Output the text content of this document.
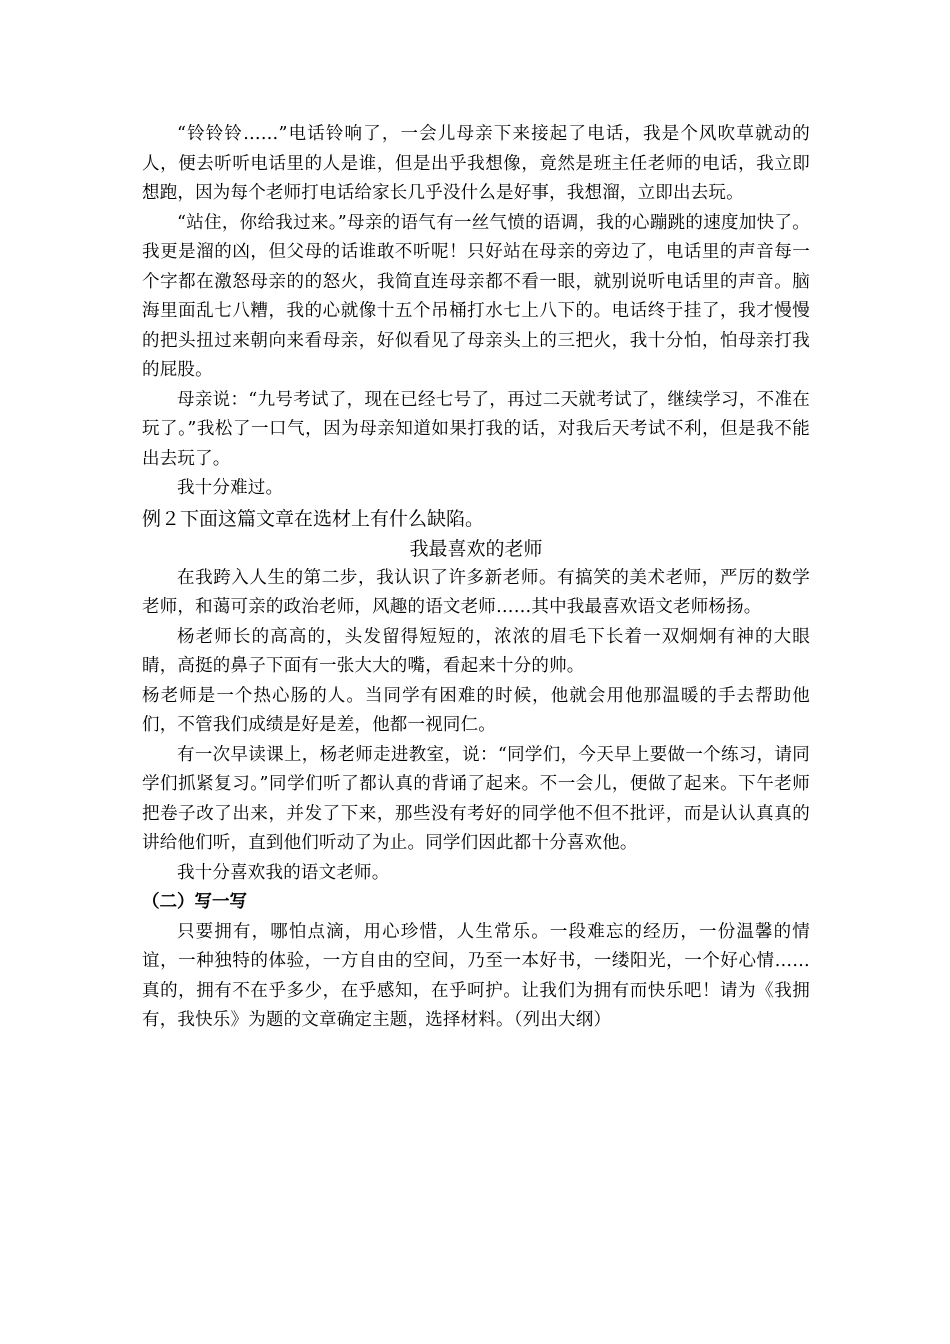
“铃铃铃……”电话铃响了，一会儿母亲下来接起了电话，我是个风吹草就动的人，便去听听电话里的人是谁，但是出乎我想像，竟然是班主任老师的电话，我立即想跑，因为每个老师打电话给家长几乎没什么是好事，我想溜，立即出去玩。

“站住，你给我过来。”母亲的语气有一丝气愤的语调，我的心蹦跳的速度加快了。我更是溜的凶，但父母的话谁敢不听呢！只好站在母亲的旁边了，电话里的声音每一个字都在激怒母亲的的怒火，我简直连母亲都不看一眼，就别说听电话里的声音。脑海里面乱七八糟，我的心就像十五个吊桶打水七上八下的。电话终于挂了，我才慢慢的把头扭过来朝向来看母亲，好似看见了母亲头上的三把火，我十分怕，怕母亲打我的屁股。

母亲说：“九号考试了，现在已经七号了，再过二天就考试了，继续学习，不准在玩了。”我松了一口气，因为母亲知道如果打我的话，对我后天考试不利，但是我不能出去玩了。

我十分难过。

例２下面这篇文章在选材上有什么缺陷。
我最喜欢的老师

在我跨入人生的第二步，我认识了许多新老师。有搞笑的美术老师，严厉的数学老师，和蔼可亲的政治老师，风趣的语文老师……其中我最喜欢语文老师杨扬。

杨老师长的高高的，头发留得短短的，浓浓的眉毛下长着一双炯炯有神的大眼睛，高挺的鼻子下面有一张大大的嘴，看起来十分的帅。

杨老师是一个热心肠的人。当同学有困难的时候，他就会用他那温暖的手去帮助他们，不管我们成绩是好是差，他都一视同仁。

有一次早读课上，杨老师走进教室，说：“同学们，今天早上要做一个练习，请同学们抓紧复习。”同学们听了都认真的背诵了起来。不一会儿，便做了起来。下午老师把卷子改了出来，并发了下来，那些没有考好的同学他不但不批评，而是认认真真的讲给他们听，直到他们听动了为止。同学们因此都十分喜欢他。

我十分喜欢我的语文老师。

（二）写一写

只要拥有，哪怕点滴，用心珍惜，人生常乐。一段难忘的经历，一份温馨的情谊，一种独特的体验，一方自由的空间，乃至一本好书，一缕阳光，一个好心情……真的，拥有不在乎多少，在乎感知，在乎呵护。让我们为拥有而快乐吧！请为《我拥有，我快乐》为题的文章确定主题，选择材料。（列出大纲）
